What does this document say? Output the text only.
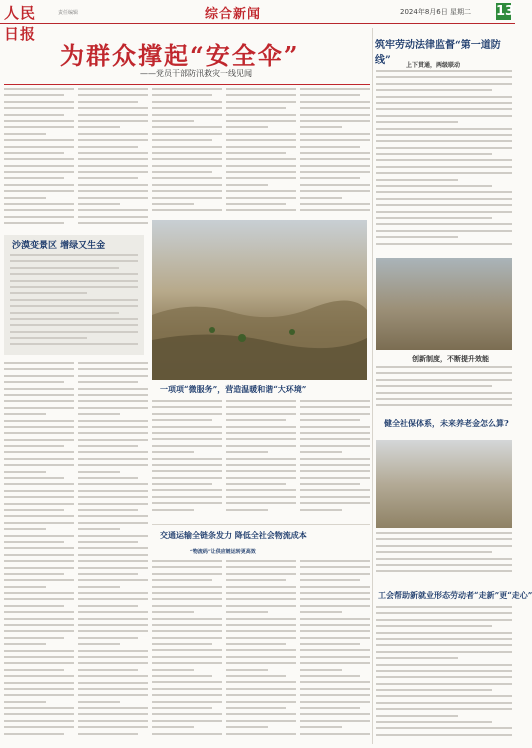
人民日报
责任编辑	综合新闻	2024年8月6日 星期二 13
为群众撑起“安全伞”
——党员干部防汛救灾一线见闻
沙漠变景区 增绿又生金
一项项“微服务”，营造温暖和谐“大环境”
交通运输全链条发力 降低全社会物流成本
“物流码”让供应链运转更高效
筑牢劳动法律监督“第一道防线”	上下贯通，两级联动
创新制度，不断提升效能
健全社保体系，未来养老金怎么算?
工会帮助新就业形态劳动者“走新”更“走心”
